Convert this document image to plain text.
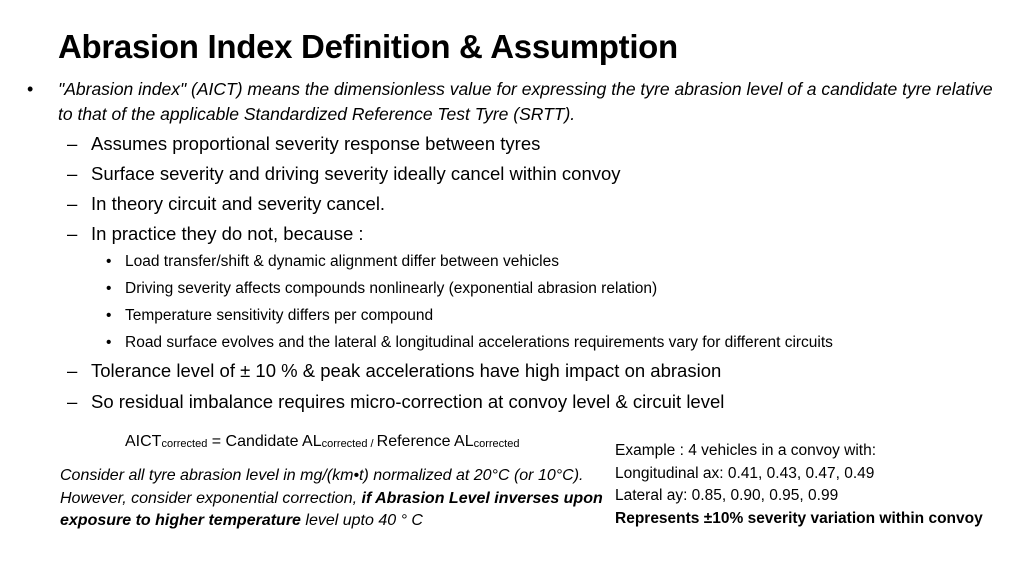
Abrasion Index Definition & Assumption
• "Abrasion index" (AICT) means the dimensionless value for expressing the tyre abrasion level of a candidate tyre relative to that of the applicable Standardized Reference Test Tyre (SRTT).
– Assumes proportional severity response between tyres
– Surface severity and driving severity ideally cancel within convoy
– In theory circuit and severity cancel.
– In practice they do not, because :
• Load transfer/shift & dynamic alignment differ between vehicles
• Driving severity affects compounds nonlinearly (exponential abrasion relation)
• Temperature sensitivity differs per compound
• Road surface evolves and the lateral & longitudinal accelerations requirements vary for different circuits
– Tolerance level of ± 10 % & peak accelerations have high impact on abrasion
– So residual imbalance requires micro-correction at convoy level & circuit level
$AICT_{corrected}$ = Candidate $AL_{corrected}$ $_/$ Reference $AL_{corrected}$
Consider all tyre abrasion level in mg/(km•t) normalized at 20°C (or 10°C). However, consider exponential correction, if Abrasion Level inverses upon exposure to higher temperature level upto 40 ° C
Example : 4 vehicles in a convoy with:
Longitudinal ax: 0.41, 0.43, 0.47, 0.49
Lateral ay: 0.85, 0.90, 0.95, 0.99
Represents ±10% severity variation within convoy
